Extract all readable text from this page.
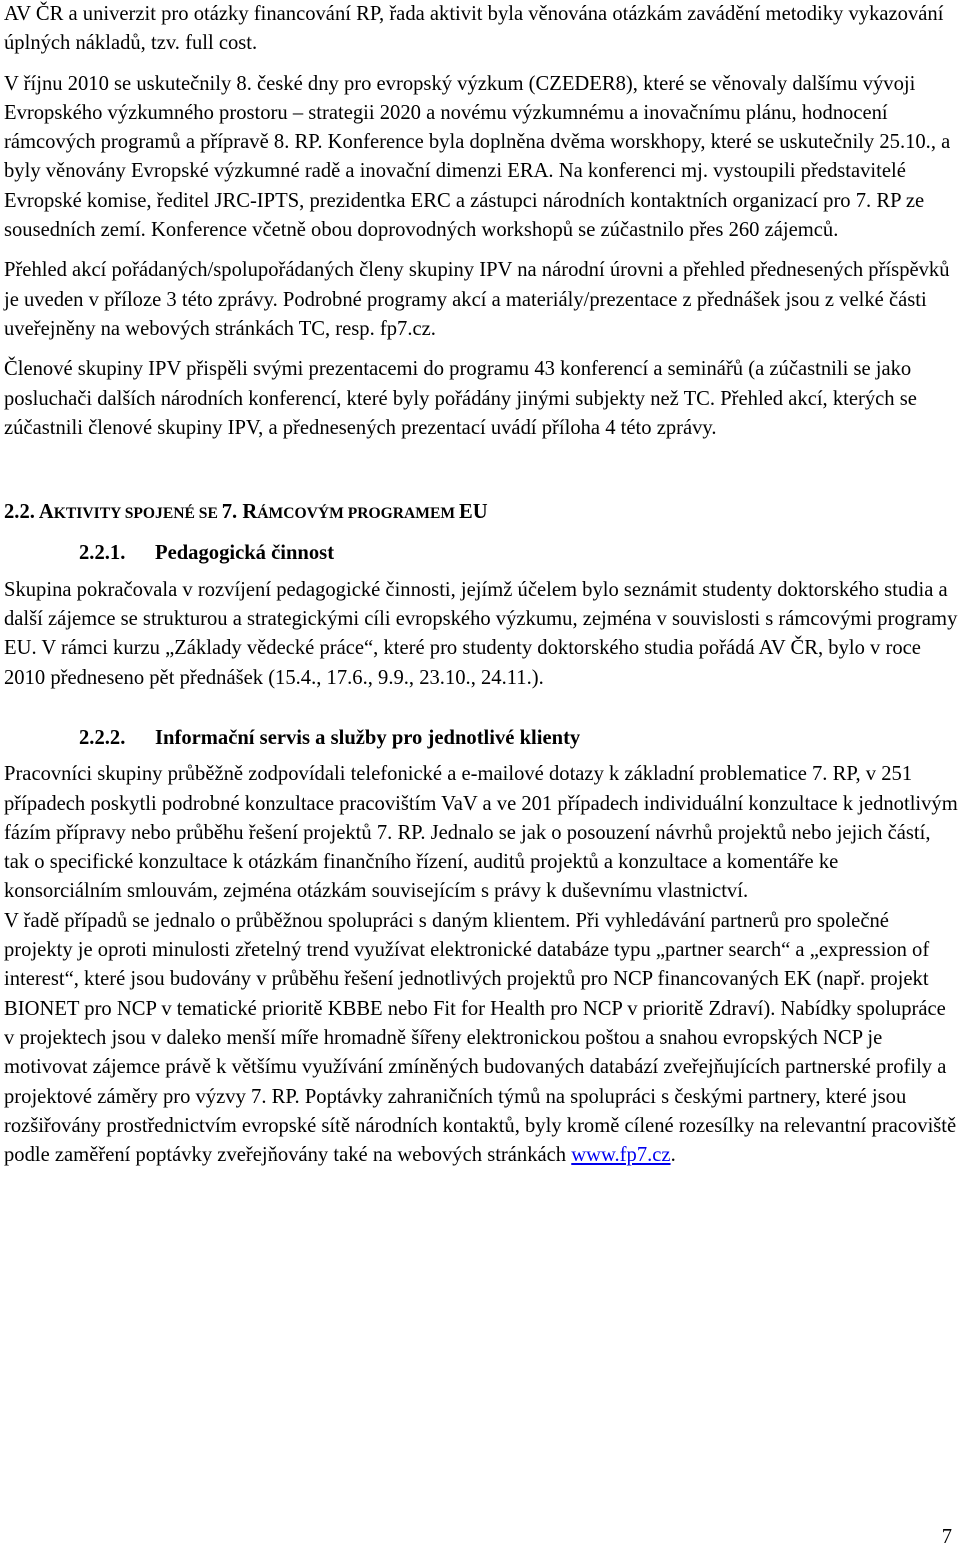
AV ČR a univerzit pro otázky financování RP, řada aktivit byla věnována otázkám zavádění metodiky vykazování úplných nákladů, tzv. full cost.

V říjnu 2010 se uskutečnily 8. české dny pro evropský výzkum (CZEDER8), které se věnovaly dalšímu vývoji Evropského výzkumného prostoru – strategii 2020 a novému výzkumnému a inovačnímu plánu, hodnocení rámcových programů a přípravě 8. RP. Konference byla doplněna dvěma worskhopy, které se uskutečnily 25.10., a byly věnovány Evropské výzkumné radě a inovační dimenzi ERA. Na konferenci mj. vystoupili představitelé Evropské komise, ředitel JRC-IPTS, prezidentka ERC a zástupci národních kontaktních organizací pro 7. RP ze sousedních zemí. Konference včetně obou doprovodných workshopů se zúčastnilo přes 260 zájemců.

Přehled akcí pořádaných/spolupořádaných členy skupiny IPV na národní úrovni a přehled přednesených příspěvků je uveden v příloze 3 této zprávy. Podrobné programy akcí a materiály/prezentace z přednášek jsou z velké části uveřejněny na webových stránkách TC, resp. fp7.cz.

Členové skupiny IPV přispěli svými prezentacemi do programu 43 konferencí a seminářů (a zúčastnili se jako posluchači dalších národních konferencí, které byly pořádány jinými subjekty než TC. Přehled akcí, kterých se zúčastnili členové skupiny IPV, a přednesených prezentací uvádí příloha 4 této zprávy.

2.2. AKTIVITY SPOJENÉ SE 7. RÁMCOVÝM PROGRAMEM EU
2.2.1.	Pedagogická činnost

Skupina pokračovala v rozvíjení pedagogické činnosti, jejímž účelem bylo seznámit studenty doktorského studia a další zájemce se strukturou a strategickými cíli evropského výzkumu, zejména v souvislosti s rámcovými programy EU. V rámci kurzu „Základy vědecké práce“, které pro studenty doktorského studia pořádá AV ČR, bylo v roce 2010 předneseno pět přednášek (15.4., 17.6., 9.9., 23.10., 24.11.).

2.2.2.	Informační servis a služby pro jednotlivé klienty

Pracovníci skupiny průběžně zodpovídali telefonické a e-mailové dotazy k základní problematice 7. RP, v 251 případech poskytli podrobné konzultace pracovištím VaV a ve 201 případech individuální konzultace k jednotlivým fázím přípravy nebo průběhu řešení projektů 7. RP. Jednalo se jak o posouzení návrhů projektů nebo jejich částí, tak o specifické konzultace k otázkám finančního řízení, auditů projektů a konzultace a komentáře ke konsorciálním smlouvám, zejména otázkám souvisejícím s právy k duševnímu vlastnictví.

V řadě případů se jednalo o průběžnou spolupráci s daným klientem. Při vyhledávání partnerů pro společné projekty je oproti minulosti zřetelný trend využívat elektronické databáze typu „partner search“ a „expression of interest“, které jsou budovány v průběhu řešení jednotlivých projektů pro NCP financovaných EK (např. projekt BIONET pro NCP v tematické prioritě KBBE nebo Fit for Health pro NCP v prioritě Zdraví). Nabídky spolupráce v projektech jsou v daleko menší míře hromadně šířeny elektronickou poštou a snahou evropských NCP je motivovat zájemce právě k většímu využívání zmíněných budovaných databází zveřejňujících partnerské profily a projektové záměry pro výzvy 7. RP. Poptávky zahraničních týmů na spolupráci s českými partnery, které jsou rozšiřovány prostřednictvím evropské sítě národních kontaktů, byly kromě cílené rozesílky na relevantní pracoviště podle zaměření poptávky zveřejňovány také na webových stránkách www.fp7.cz.

7
